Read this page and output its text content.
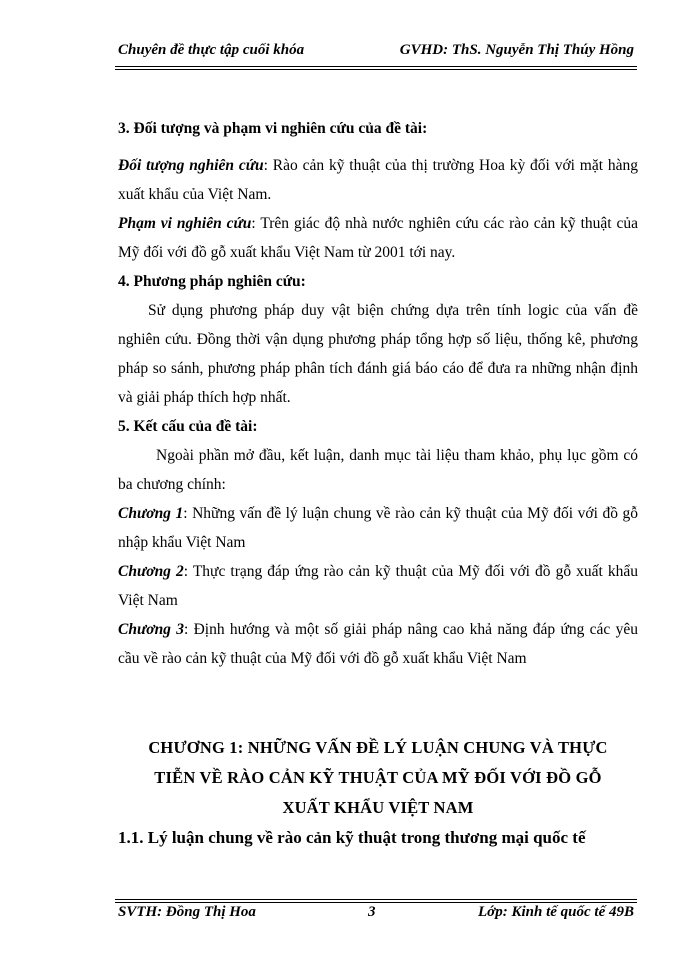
Chuyên đề thực tập cuối khóa	GVHD: ThS. Nguyễn Thị Thúy Hồng

3. Đối tượng và phạm vi nghiên cứu của đề tài:

Đối tượng nghiên cứu: Rào cản kỹ thuật của thị trường Hoa kỳ đối với mặt hàng xuất khẩu của Việt Nam.

Phạm vi nghiên cứu: Trên giác độ nhà nước nghiên cứu các rào cản kỹ thuật của Mỹ đối với đồ gỗ xuất khẩu Việt Nam từ 2001 tới nay.

4. Phương pháp nghiên cứu:

Sử dụng phương pháp duy vật biện chứng dựa trên tính logic của vấn đề nghiên cứu. Đồng thời vận dụng phương pháp tổng hợp số liệu, thống kê, phương pháp so sánh, phương pháp phân tích đánh giá báo cáo để đưa ra những nhận định và giải pháp thích hợp nhất.

5. Kết cấu của đề tài:

Ngoài phần mở đầu, kết luận, danh mục tài liệu tham khảo, phụ lục gồm có ba chương chính:

Chương 1: Những vấn đề lý luận chung về rào cản kỹ thuật của Mỹ đối với đồ gỗ nhập khẩu Việt Nam

Chương 2: Thực trạng đáp ứng rào cản kỹ thuật của Mỹ đối với đồ gỗ xuất khẩu Việt Nam

Chương 3: Định hướng và một số giải pháp nâng cao khả năng đáp ứng các yêu cầu về rào cản kỹ thuật của Mỹ đối với đồ gỗ xuất khẩu Việt Nam

CHƯƠNG 1: NHỮNG VẤN ĐỀ LÝ LUẬN CHUNG VÀ THỰC
TIỄN VỀ RÀO CẢN KỸ THUẬT CỦA MỸ ĐỐI VỚI ĐỒ GỖ
XUẤT KHẨU VIỆT NAM
1.1. Lý luận chung về rào cản kỹ thuật trong thương mại quốc tế
SVTH: Đồng Thị Hoa	3	Lớp: Kinh tế quốc tế 49B
